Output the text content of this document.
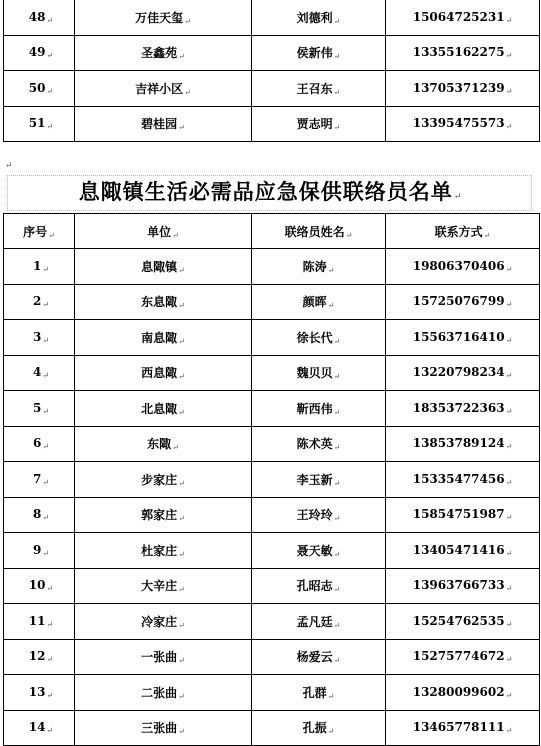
48↵	万佳天玺↵	刘德利↵	15064725231↵
49↵	圣鑫苑↵	侯新伟↵	13355162275↵
50↵	吉祥小区↵	王召东↵	13705371239↵
51↵	碧桂园↵	贾志明↵	13395475573↵
↵
息陬镇生活必需品应急保供联络员名单↵
序号↵	单位↵	联络员姓名↵	联系方式↵
1↵	息陬镇↵	陈涛↵	19806370406↵
2↵	东息陬↵	颜晖↵	15725076799↵
3↵	南息陬↵	徐长代↵	15563716410↵
4↵	西息陬↵	魏贝贝↵	13220798234↵
5↵	北息陬↵	靳西伟↵	18353722363↵
6↵	东陬↵	陈术英↵	13853789124↵
7↵	步家庄↵	李玉新↵	15335477456↵
8↵	郭家庄↵	王玲玲↵	15854751987↵
9↵	杜家庄↵	聂天敏↵	13405471416↵
10↵	大辛庄↵	孔昭志↵	13963766733↵
11↵	冷家庄↵	孟凡廷↵	15254762535↵
12↵	一张曲↵	杨爱云↵	15275774672↵
13↵	二张曲↵	孔群↵	13280099602↵
14↵	三张曲↵	孔振↵	13465778111↵
